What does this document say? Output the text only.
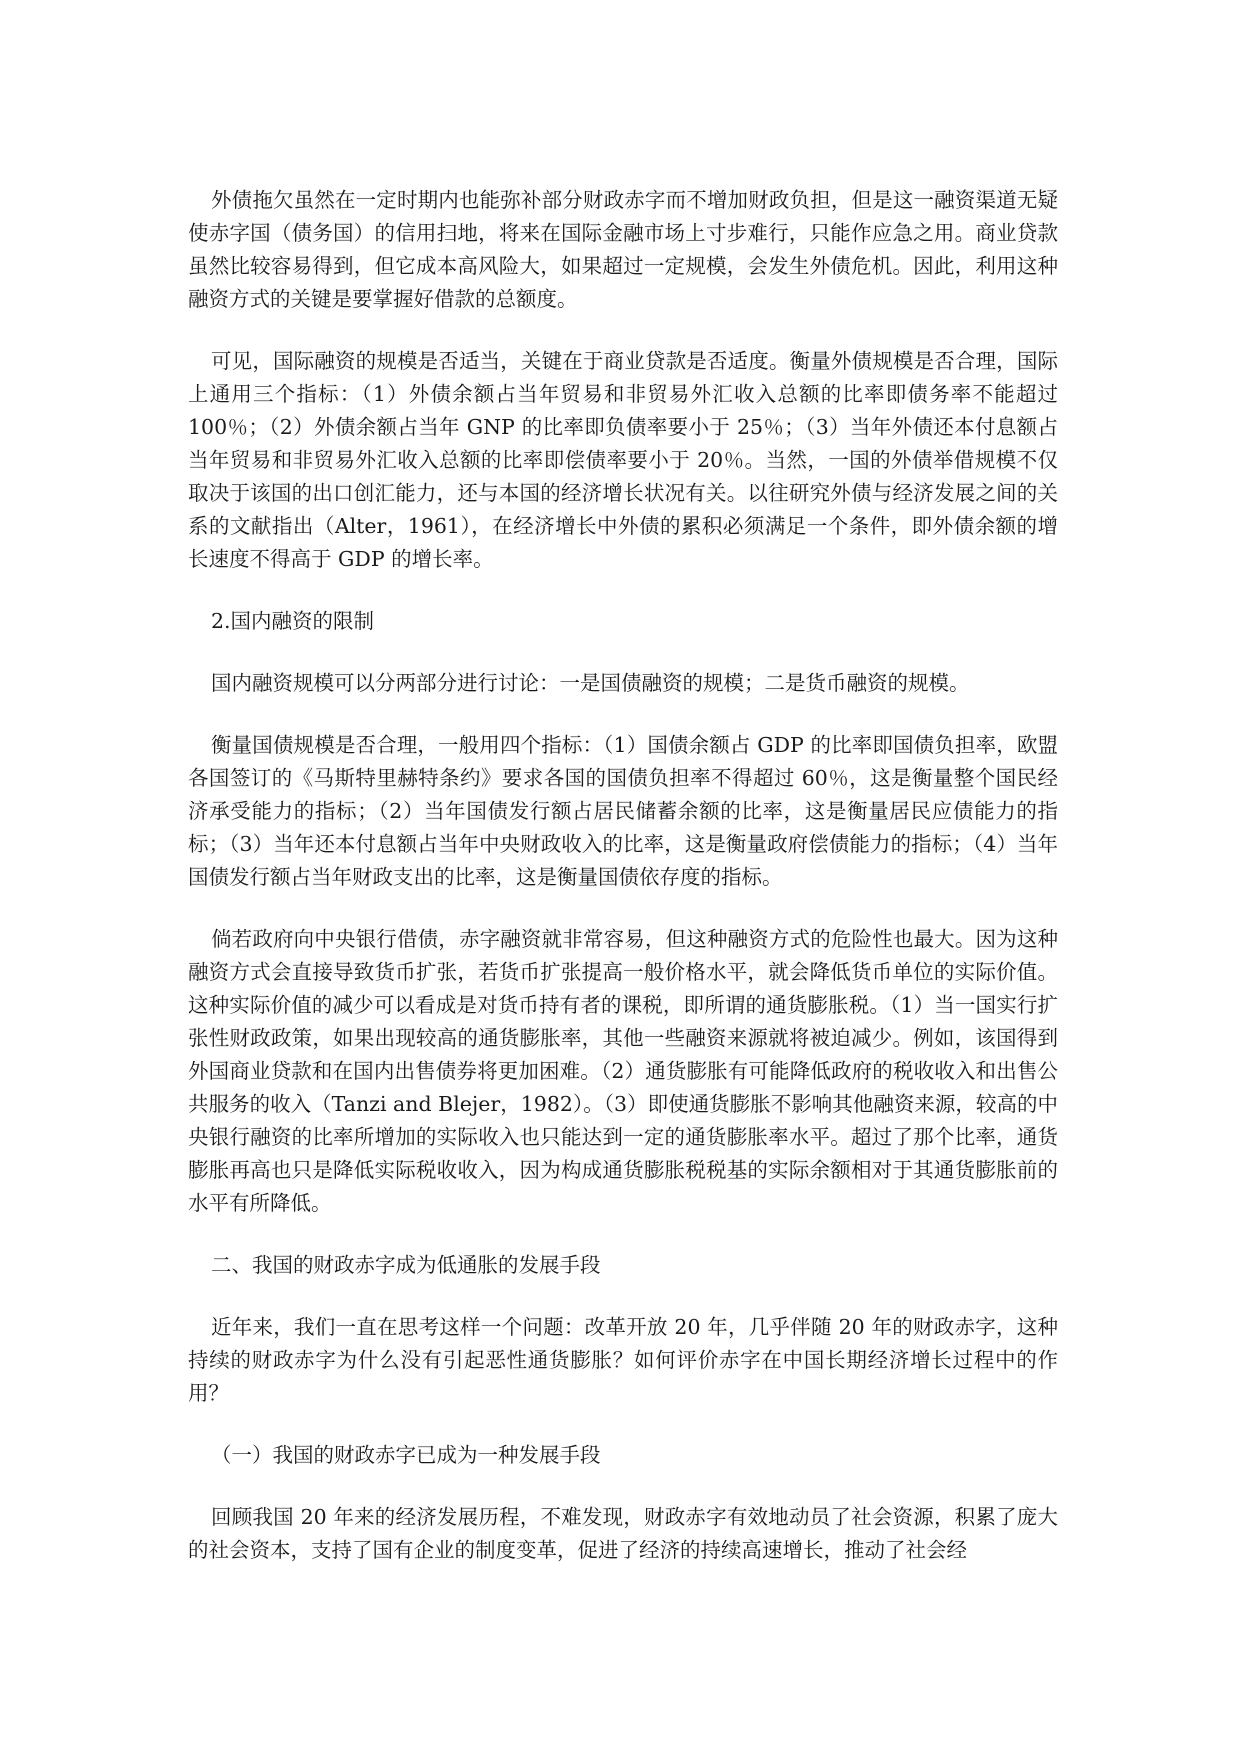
外债拖欠虽然在一定时期内也能弥补部分财政赤字而不增加财政负担，但是这一融资渠道无疑使赤字国（债务国）的信用扫地，将来在国际金融市场上寸步难行，只能作应急之用。商业贷款虽然比较容易得到，但它成本高风险大，如果超过一定规模，会发生外债危机。因此，利用这种融资方式的关键是要掌握好借款的总额度。

可见，国际融资的规模是否适当，关键在于商业贷款是否适度。衡量外债规模是否合理，国际上通用三个指标：（1）外债余额占当年贸易和非贸易外汇收入总额的比率即债务率不能超过 100％；（2）外债余额占当年 GNP 的比率即负债率要小于 25％；（3）当年外债还本付息额占当年贸易和非贸易外汇收入总额的比率即偿债率要小于 20％。当然，一国的外债举借规模不仅取决于该国的出口创汇能力，还与本国的经济增长状况有关。以往研究外债与经济发展之间的关系的文献指出（Alter，1961），在经济增长中外债的累积必须满足一个条件，即外债余额的增长速度不得高于 GDP 的增长率。

2.国内融资的限制

国内融资规模可以分两部分进行讨论：一是国债融资的规模；二是货币融资的规模。

衡量国债规模是否合理，一般用四个指标：（1）国债余额占 GDP 的比率即国债负担率，欧盟各国签订的《马斯特里赫特条约》要求各国的国债负担率不得超过 60％，这是衡量整个国民经济承受能力的指标；（2）当年国债发行额占居民储蓄余额的比率，这是衡量居民应债能力的指标；（3）当年还本付息额占当年中央财政收入的比率，这是衡量政府偿债能力的指标；（4）当年国债发行额占当年财政支出的比率，这是衡量国债依存度的指标。

倘若政府向中央银行借债，赤字融资就非常容易，但这种融资方式的危险性也最大。因为这种融资方式会直接导致货币扩张，若货币扩张提高一般价格水平，就会降低货币单位的实际价值。这种实际价值的减少可以看成是对货币持有者的课税，即所谓的通货膨胀税。（1）当一国实行扩张性财政政策，如果出现较高的通货膨胀率，其他一些融资来源就将被迫减少。例如，该国得到外国商业贷款和在国内出售债券将更加困难。（2）通货膨胀有可能降低政府的税收收入和出售公共服务的收入（Tanzi and Blejer，1982）。（3）即使通货膨胀不影响其他融资来源，较高的中央银行融资的比率所增加的实际收入也只能达到一定的通货膨胀率水平。超过了那个比率，通货膨胀再高也只是降低实际税收收入，因为构成通货膨胀税税基的实际余额相对于其通货膨胀前的水平有所降低。

二、我国的财政赤字成为低通胀的发展手段

近年来，我们一直在思考这样一个问题：改革开放 20 年，几乎伴随 20 年的财政赤字，这种持续的财政赤字为什么没有引起恶性通货膨胀？如何评价赤字在中国长期经济增长过程中的作用？

（一）我国的财政赤字已成为一种发展手段

回顾我国 20 年来的经济发展历程，不难发现，财政赤字有效地动员了社会资源，积累了庞大的社会资本，支持了国有企业的制度变革，促进了经济的持续高速增长，推动了社会经
